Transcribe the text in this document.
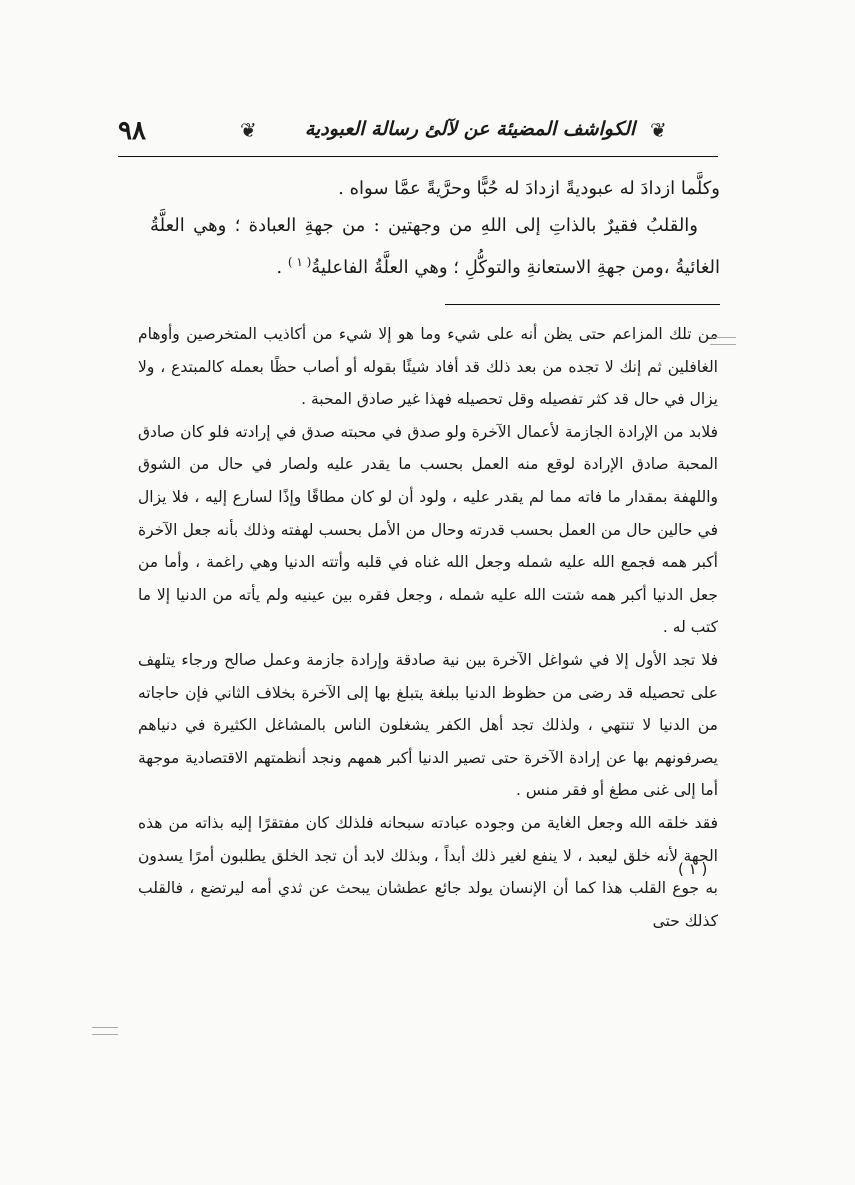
٩٨	❦	الكواشف المضيئة عن لآلئ رسالة العبودية ❦

وكلَّما ازدادَ له عبوديةً ازدادَ له حُبًّا وحرَّيةً عمَّا سواه .

والقلبُ فقيرٌ بالذاتِ إلى اللهِ من وجهتين : من جهةِ العبادة ؛ وهي العلَّةُ الغائيةُ ،ومن جهةِ الاستعانةِ والتوكُّلِ ؛ وهي العلَّةُ الفاعليةُ$^{( ١ )}$ .

من تلك المزاعم حتى يظن أنه على شيء وما هو إلا شيء من أكاذيب المتخرصين وأوهام الغافلين ثم إنك لا تجده من بعد ذلك قد أفاد شيئًا بقوله أو أصاب حظًا بعمله كالمبتدع ، ولا يزال في حال قد كثر تفصيله وقل تحصيله فهذا غير صادق المحبة .

فلابد من الإرادة الجازمة لأعمال الآخرة ولو صدق في محبته صدق في إرادته فلو كان صادق المحبة صادق الإرادة لوقع منه العمل بحسب ما يقدر عليه ولصار في حال من الشوق واللهفة بمقدار ما فاته مما لم يقدر عليه ، ولود أن لو كان مطاقًا وإذًا لسارع إليه ، فلا يزال في حالين حال من العمل بحسب قدرته وحال من الأمل بحسب لهفته وذلك بأنه جعل الآخرة أكبر همه فجمع الله عليه شمله وجعل الله غناه في قلبه وأتته الدنيا وهي راغمة ، وأما من جعل الدنيا أكبر همه شتت الله عليه شمله ، وجعل فقره بين عينيه ولم يأته من الدنيا إلا ما كتب له .

فلا تجد الأول إلا في شواغل الآخرة بين نية صادقة وإرادة جازمة وعمل صالح ورجاء يتلهف على تحصيله قد رضى من حظوظ الدنيا ببلغة يتبلغ بها إلى الآخرة بخلاف الثاني فإن حاجاته من الدنيا لا تنتهي ، ولذلك تجد أهل الكفر يشغلون الناس بالمشاغل الكثيرة في دنياهم يصرفونهم بها عن إرادة الآخرة حتى تصير الدنيا أكبر همهم ونجد أنظمتهم الاقتصادية موجهة أما إلى غنى مطغ أو فقر منس .

فقد خلقه الله وجعل الغاية من وجوده عبادته سبحانه فلذلك كان مفتقرًا إليه بذاته من هذه الجهة لأنه خلق ليعبد ، لا ينفع لغير ذلك أبداً ، وبذلك لابد أن تجد الخلق يطلبون أمرًا يسدون به جوع القلب هذا كما أن الإنسان يولد جائع عطشان يبحث عن ثدي أمه ليرتضع ، فالقلب كذلك حتى

( ١ )
